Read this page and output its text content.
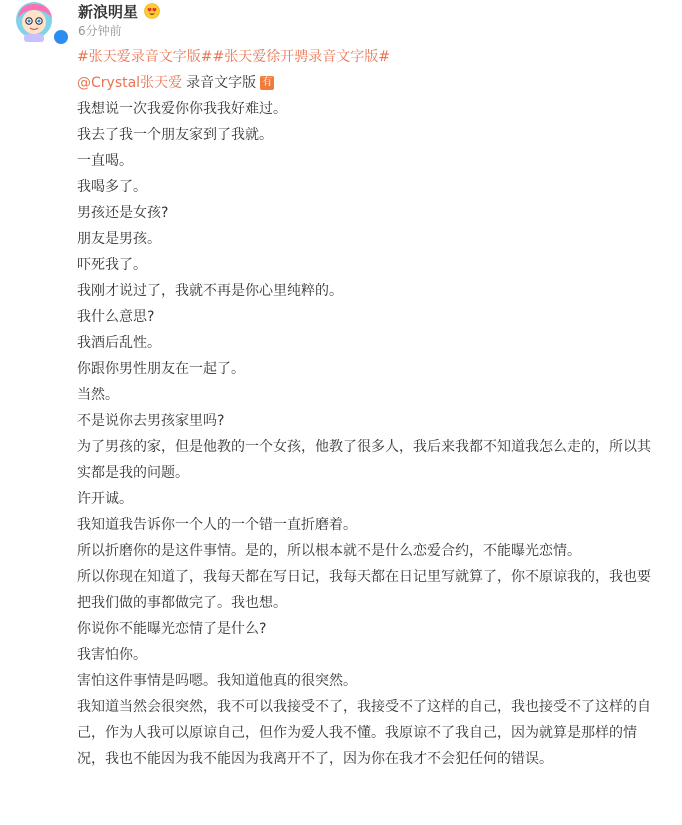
新浪明星
6分钟前
#张天爱录音文字版##张天爱徐开骋录音文字版#
@Crystal张天爱 录音文字版 有
我想说一次我爱你你我我好难过。
我去了我一个朋友家到了我就。
一直喝。
我喝多了。
男孩还是女孩?
朋友是男孩。
吓死我了。
我刚才说过了，我就不再是你心里纯粹的。
我什么意思?
我酒后乱性。
你跟你男性朋友在一起了。
当然。
不是说你去男孩家里吗?
为了男孩的家，但是他教的一个女孩，他教了很多人，我后来我都不知道我怎么走的，所以其实都是我的问题。
许开诚。
我知道我告诉你一个人的一个错一直折磨着。
所以折磨你的是这件事情。是的，所以根本就不是什么恋爱合约，不能曝光恋情。
所以你现在知道了，我每天都在写日记，我每天都在日记里写就算了，你不原谅我的，我也要把我们做的事都做完了。我也想。
你说你不能曝光恋情了是什么?
我害怕你。
害怕这件事情是吗嗯。我知道他真的很突然。
我知道当然会很突然，我不可以我接受不了，我接受不了这样的自己，我也接受不了这样的自己，作为人我可以原谅自己，但作为爱人我不懂。我原谅不了我自己，因为就算是那样的情况，我也不能因为我不能因为我离开不了，因为你在我才不会犯任何的错误。
